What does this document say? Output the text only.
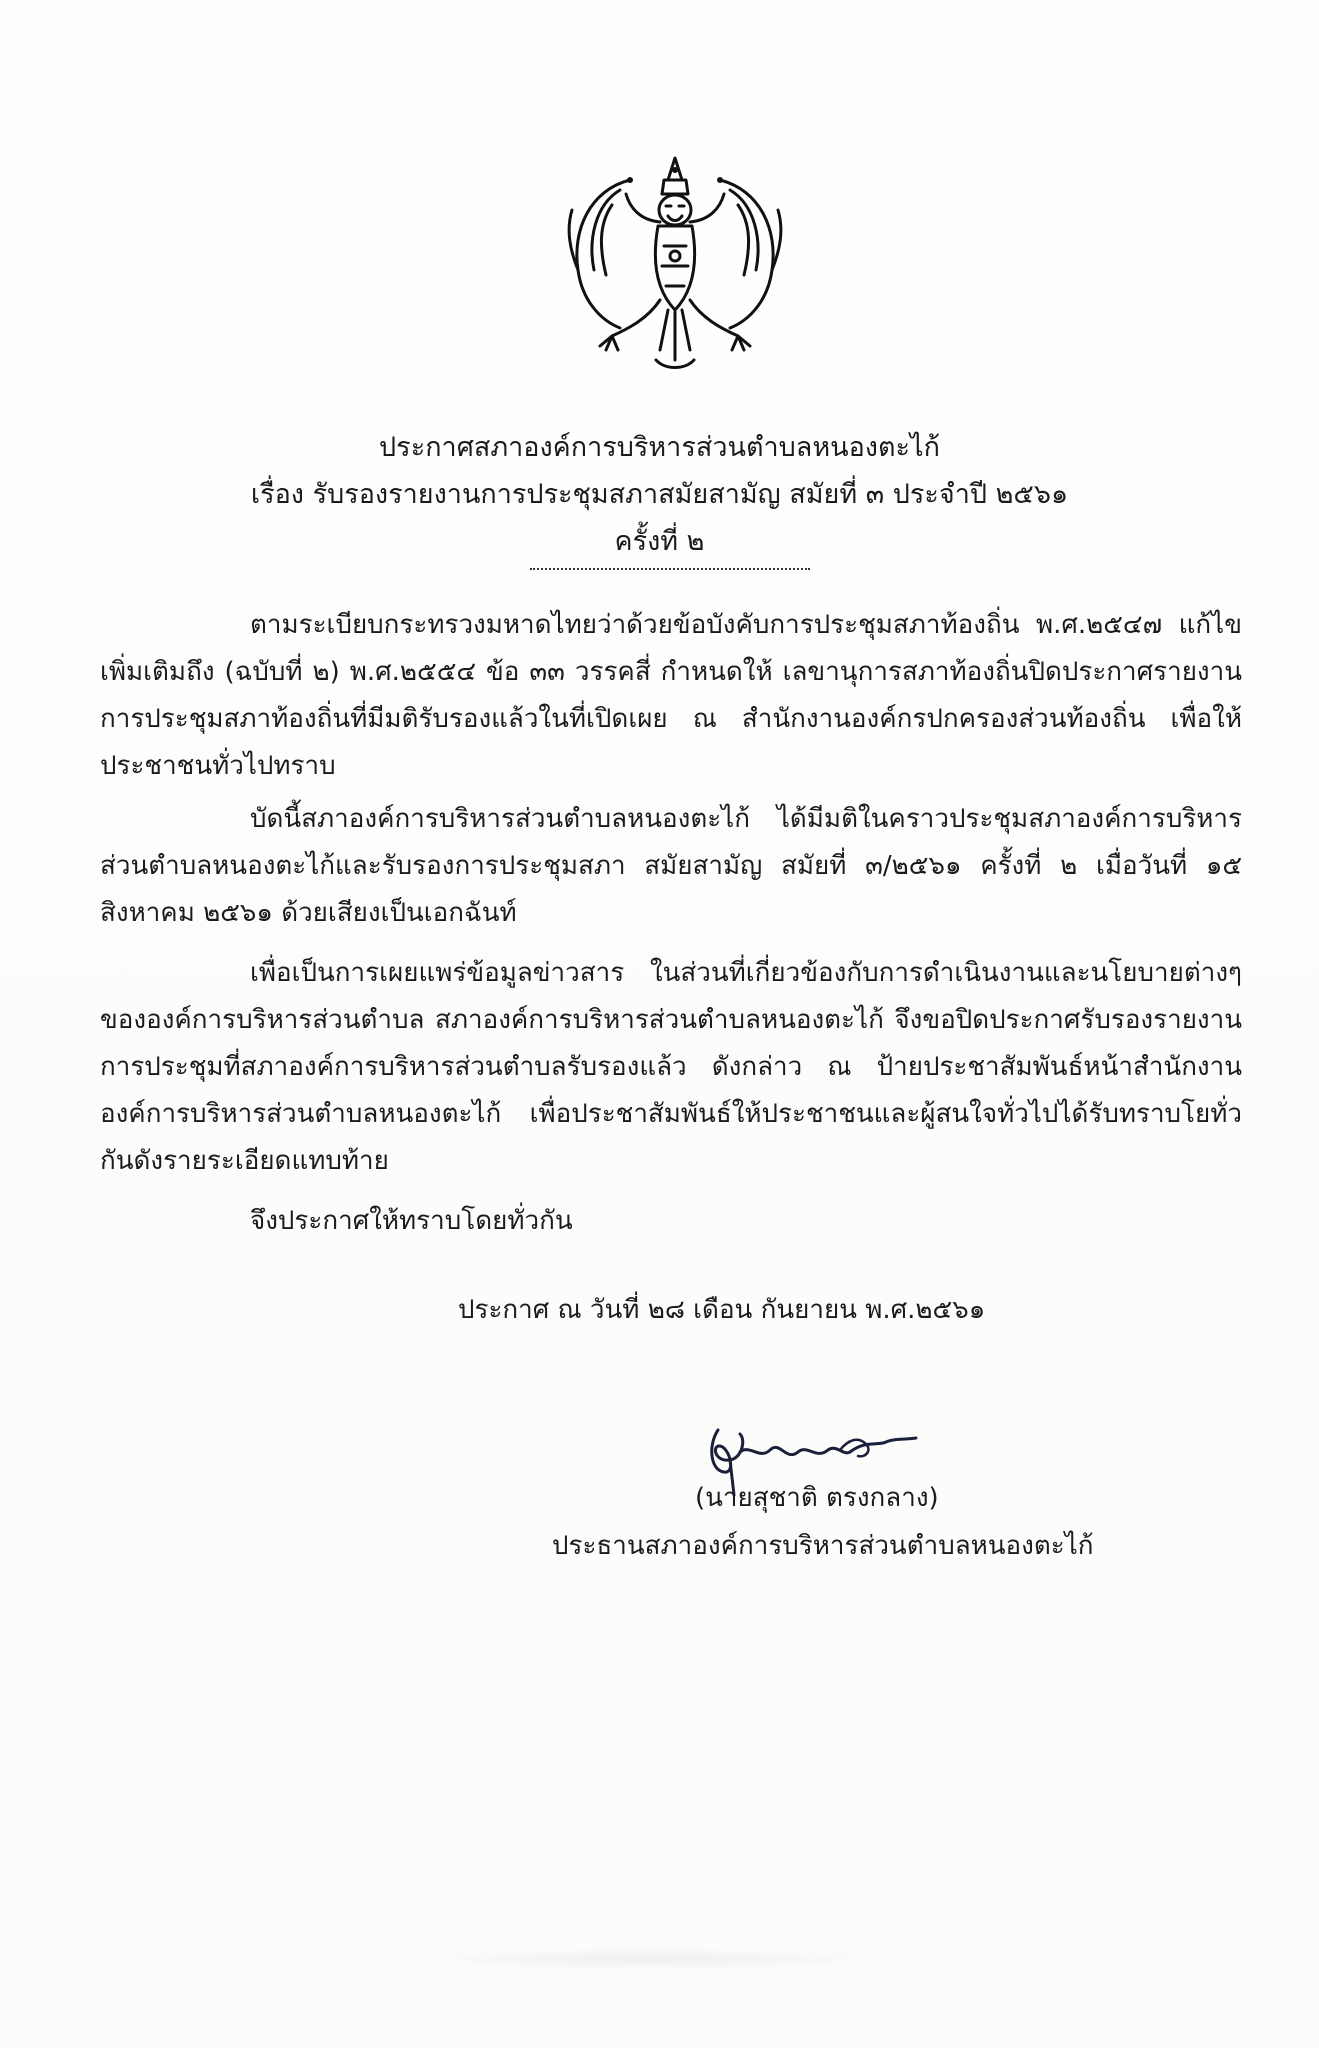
ประกาศสภาองค์การบริหารส่วนตำบลหนองตะไก้
เรื่อง รับรองรายงานการประชุมสภาสมัยสามัญ สมัยที่ ๓ ประจำปี ๒๕๖๑
ครั้งที่ ๒
ตามระเบียบกระทรวงมหาดไทยว่าด้วยข้อบังคับการประชุมสภาท้องถิ่น พ.ศ.๒๕๔๗ แก้ไขเพิ่มเติมถึง (ฉบับที่ ๒) พ.ศ.๒๕๕๔ ข้อ ๓๓ วรรคสี่ กำหนดให้ เลขานุการสภาท้องถิ่นปิดประกาศรายงานการประชุมสภาท้องถิ่นที่มีมติรับรองแล้วในที่เปิดเผย ณ สำนักงานองค์กรปกครองส่วนท้องถิ่น เพื่อให้ประชาชนทั่วไปทราบ
บัดนี้สภาองค์การบริหารส่วนตำบลหนองตะไก้ ได้มีมติในคราวประชุมสภาองค์การบริหารส่วนตำบลหนองตะไก้และรับรองการประชุมสภา สมัยสามัญ สมัยที่ ๓/๒๕๖๑ ครั้งที่ ๒ เมื่อวันที่ ๑๕ สิงหาคม ๒๕๖๑ ด้วยเสียงเป็นเอกฉันท์
เพื่อเป็นการเผยแพร่ข้อมูลข่าวสาร ในส่วนที่เกี่ยวข้องกับการดำเนินงานและนโยบายต่างๆ ขององค์การบริหารส่วนตำบล สภาองค์การบริหารส่วนตำบลหนองตะไก้ จึงขอปิดประกาศรับรองรายงานการประชุมที่สภาองค์การบริหารส่วนตำบลรับรองแล้ว ดังกล่าว ณ ป้ายประชาสัมพันธ์หน้าสำนักงานองค์การบริหารส่วนตำบลหนองตะไก้ เพื่อประชาสัมพันธ์ให้ประชาชนและผู้สนใจทั่วไปได้รับทราบโยทั่วกันดังรายระเอียดแทบท้าย
จึงประกาศให้ทราบโดยทั่วกัน
ประกาศ ณ วันที่ ๒๘ เดือน กันยายน พ.ศ.๒๕๖๑
(นายสุชาติ ตรงกลาง)
ประธานสภาองค์การบริหารส่วนตำบลหนองตะไก้
